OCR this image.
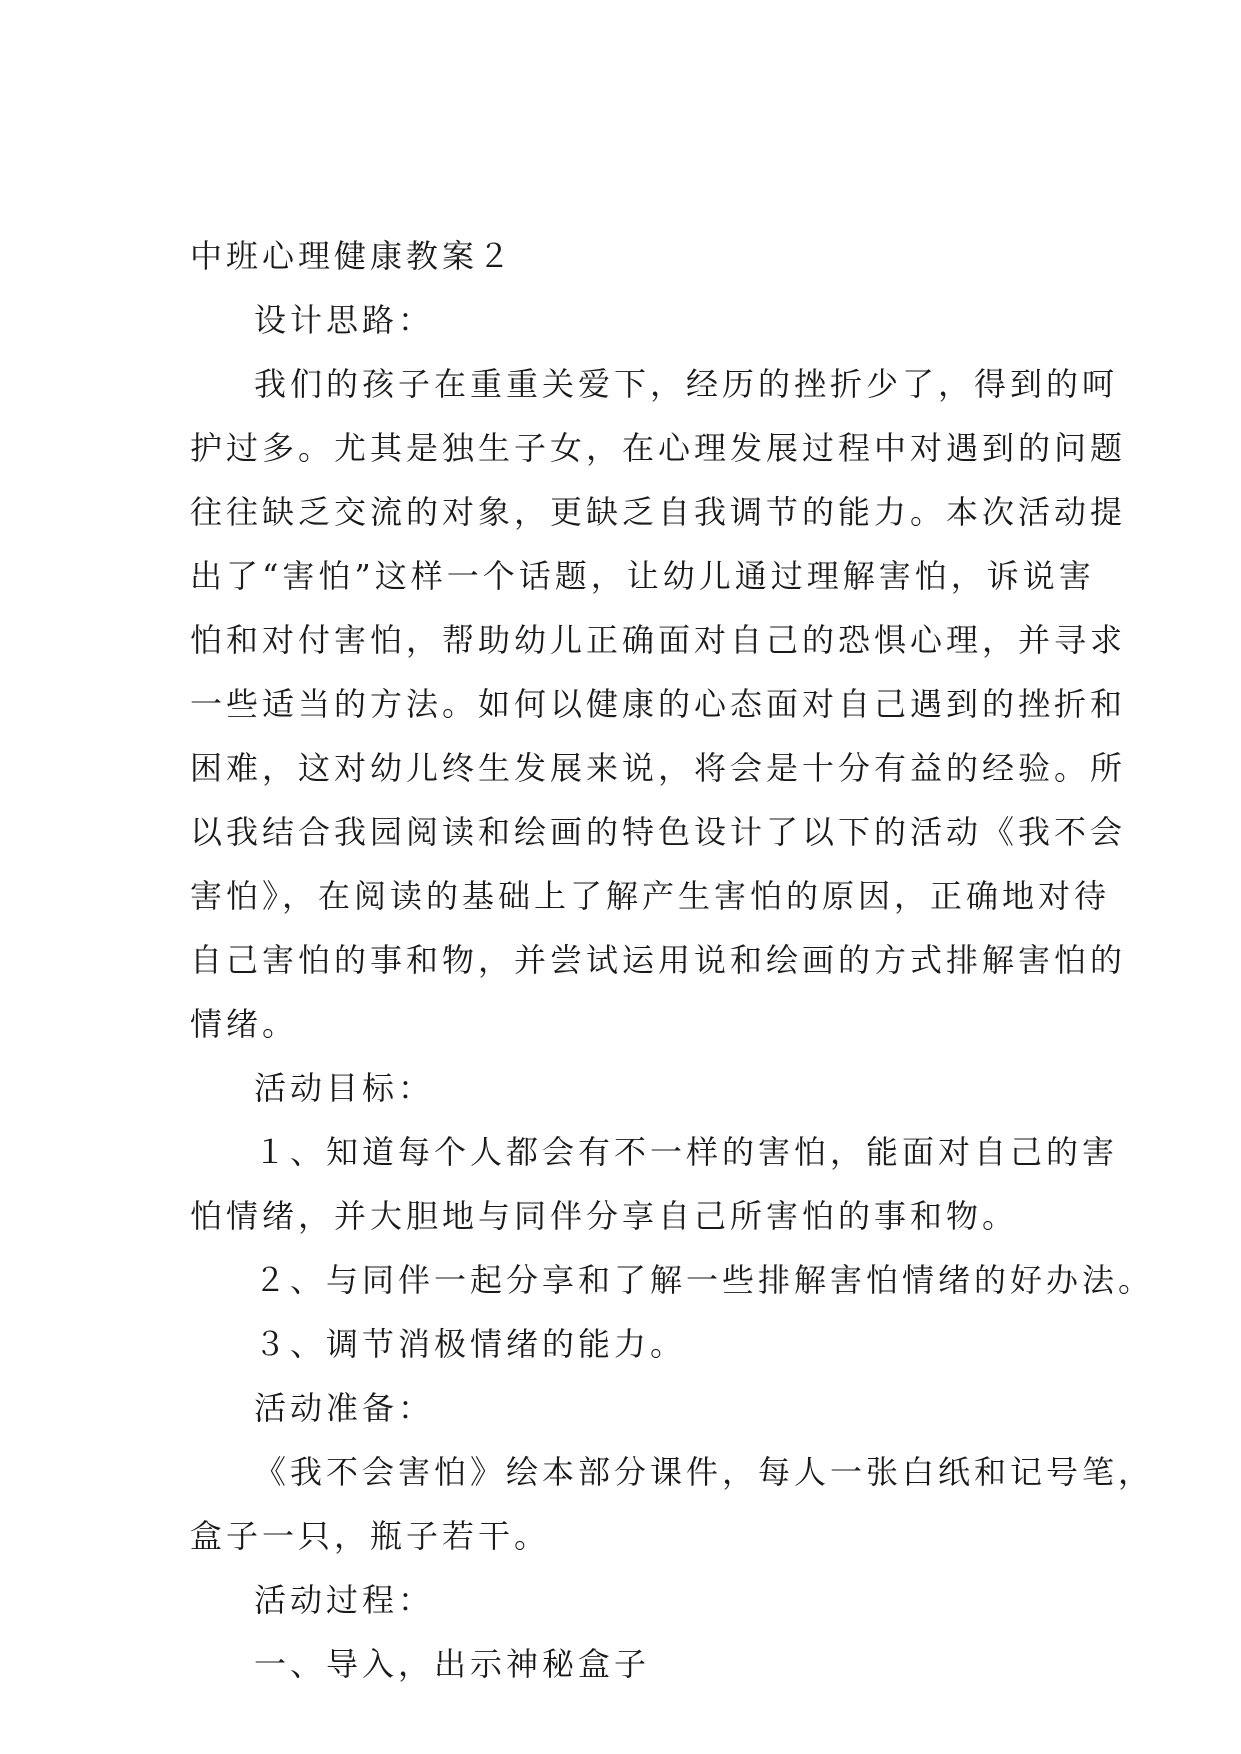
中班心理健康教案２
设计思路：
我们的孩子在重重关爱下，经历的挫折少了，得到的呵
护过多。尤其是独生子女，在心理发展过程中对遇到的问题
往往缺乏交流的对象，更缺乏自我调节的能力。本次活动提
出了“害怕”这样一个话题，让幼儿通过理解害怕，诉说害
怕和对付害怕，帮助幼儿正确面对自己的恐惧心理，并寻求
一些适当的方法。如何以健康的心态面对自己遇到的挫折和
困难，这对幼儿终生发展来说，将会是十分有益的经验。所
以我结合我园阅读和绘画的特色设计了以下的活动《我不会
害怕》，在阅读的基础上了解产生害怕的原因，正确地对待
自己害怕的事和物，并尝试运用说和绘画的方式排解害怕的
情绪。
活动目标：
１、知道每个人都会有不一样的害怕，能面对自己的害
怕情绪，并大胆地与同伴分享自己所害怕的事和物。
２、与同伴一起分享和了解一些排解害怕情绪的好办法。
３、调节消极情绪的能力。
活动准备：
《我不会害怕》绘本部分课件，每人一张白纸和记号笔，
盒子一只，瓶子若干。
活动过程：
一、导入，出示神秘盒子
